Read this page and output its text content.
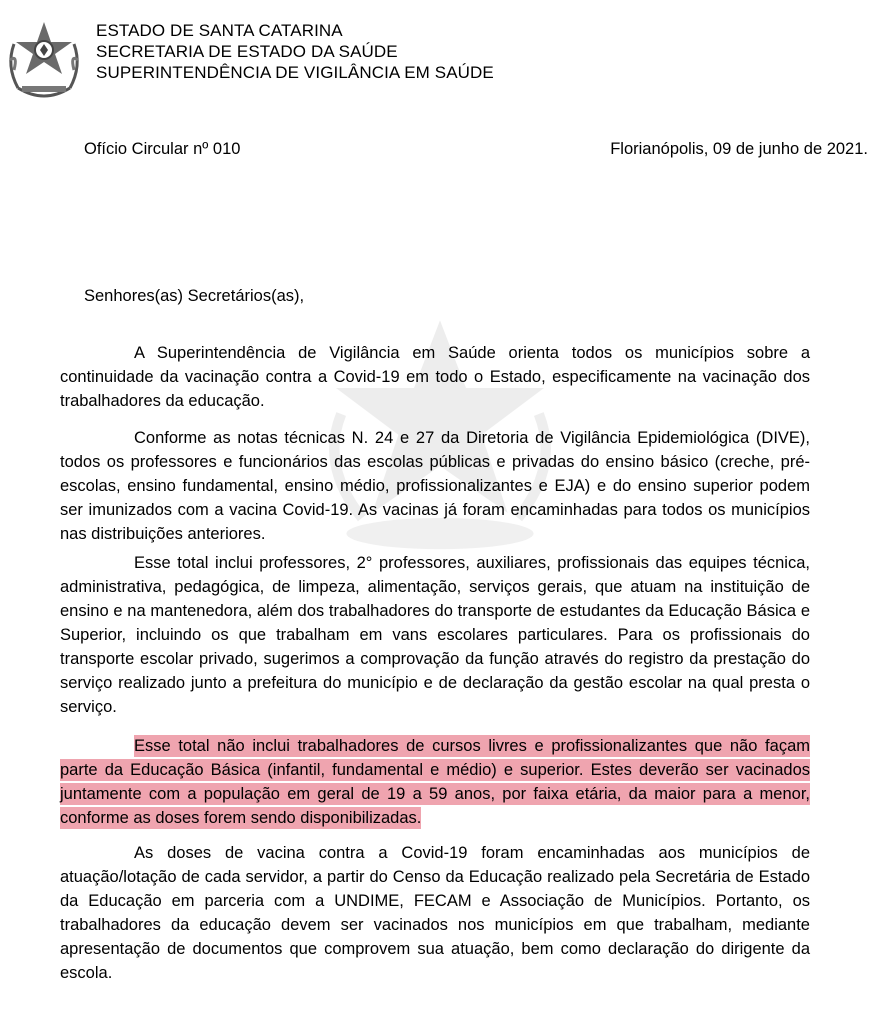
ESTADO DE SANTA CATARINA
SECRETARIA DE ESTADO DA SAÚDE
SUPERINTENDÊNCIA DE VIGILÂNCIA EM SAÚDE
Ofício Circular nº 010	Florianópolis, 09 de junho de 2021.
Senhores(as) Secretários(as),

A Superintendência de Vigilância em Saúde orienta todos os municípios sobre a continuidade da vacinação contra a Covid-19 em todo o Estado, especificamente na vacinação dos trabalhadores da educação.

Conforme as notas técnicas N. 24 e 27 da Diretoria de Vigilância Epidemiológica (DIVE), todos os professores e funcionários das escolas públicas e privadas do ensino básico (creche, pré-escolas, ensino fundamental, ensino médio, profissionalizantes e EJA) e do ensino superior podem ser imunizados com a vacina Covid-19. As vacinas já foram encaminhadas para todos os municípios nas distribuições anteriores.

Esse total inclui professores, 2° professores, auxiliares, profissionais das equipes técnica, administrativa, pedagógica, de limpeza, alimentação, serviços gerais, que atuam na instituição de ensino e na mantenedora, além dos trabalhadores do transporte de estudantes da Educação Básica e Superior, incluindo os que trabalham em vans escolares particulares. Para os profissionais do transporte escolar privado, sugerimos a comprovação da função através do registro da prestação do serviço realizado junto a prefeitura do município e de declaração da gestão escolar na qual presta o serviço.

Esse total não inclui trabalhadores de cursos livres e profissionalizantes que não façam parte da Educação Básica (infantil, fundamental e médio) e superior. Estes deverão ser vacinados juntamente com a população em geral de 19 a 59 anos, por faixa etária, da maior para a menor, conforme as doses forem sendo disponibilizadas.

As doses de vacina contra a Covid-19 foram encaminhadas aos municípios de atuação/lotação de cada servidor, a partir do Censo da Educação realizado pela Secretária de Estado da Educação em parceria com a UNDIME, FECAM e Associação de Municípios. Portanto, os trabalhadores da educação devem ser vacinados nos municípios em que trabalham, mediante apresentação de documentos que comprovem sua atuação, bem como declaração do dirigente da escola.
